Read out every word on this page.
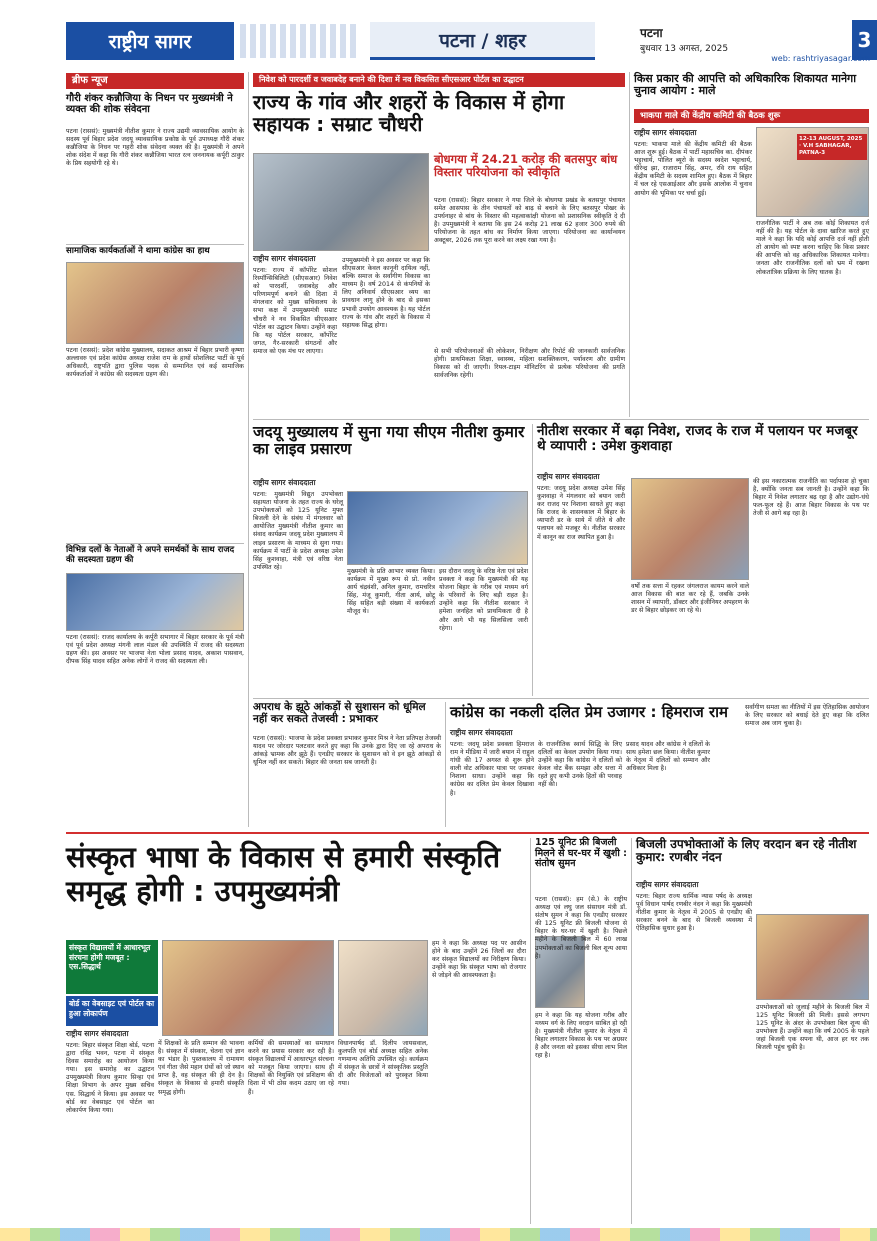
राष्ट्रीय सागर	पटना / शहर	पटना
बुधवार 13 अगस्त, 2025	3
web: rashtriyasagar.com
ब्रीफ न्यूज
गौरी शंकर कन्नौजिया के निधन पर मुख्यमंत्री ने व्यक्त की शोक संवेदना
पटना (राससं): मुख्यमंत्री नीतीश कुमार ने राज्य उद्यमी व्यावसायिक आयोग के सदस्य पूर्व बिहार प्रदेश जदयू व्यावसायिक प्रकोष्ठ के पूर्व उपाध्यक्ष गौरी शंकर कन्नौजिया के निधन पर गहरी शोक संवेदना व्यक्त की है। मुख्यमंत्री ने अपने शोक संदेश में कहा कि गौरी शंकर कन्नौजिया भारत रत्न जननायक कर्पूरी ठाकुर के प्रिय सहयोगी रहे थे।
सामाजिक कार्यकर्ताओं ने थामा कांग्रेस का हाथ
पटना (राससं): प्रदेश कांग्रेस मुख्यालय, सदाकत आश्रम में बिहार प्रभारी कृष्णा अल्लावरु एवं प्रदेश कांग्रेस अध्यक्ष राजेश राम के हाथों सोशलिस्ट पार्टी के पूर्व अधिकारी, राष्ट्रपति द्वारा पुलिस पदक से सम्मानित एवं कई सामाजिक कार्यकर्ताओं ने कांग्रेस की सदस्यता ग्रहण की।
विभिन्न दलों के नेताओं ने अपने समर्थकों के साथ राजद की सदस्यता ग्रहण की
पटना (राससं): राजद कार्यालय के कर्पूरी सभागार में बिहार सरकार के पूर्व मंत्री एवं पूर्व प्रदेश अध्यक्ष मंगनी लाल मंडल की उपस्थिति में राजद की सदस्यता ग्रहण की। इस अवसर पर भाजपा नेता भोला प्रसाद यादव, अकाश पासवान, दीपक सिंह यादव सहित अनेक लोगों ने राजद की सदस्यता ली।
निवेश को पारदर्शी व जवाबदेह बनाने की दिशा में नव विकसित सीएसआर पोर्टल का उद्घाटन
राज्य के गांव और शहरों के विकास में होगा सहायक : सम्राट चौधरी
राष्ट्रीय सागर संवाददाता
पटना: राज्य में कॉर्पोरेट सोशल रिस्पॉन्सिबिलिटी (सीएसआर) निवेश को पारदर्शी, जवाबदेह और परिणामपूर्ण बनाने की दिशा में मंगलवार को मुख्य सचिवालय के सभा कक्ष में उपमुख्यमंत्री सम्राट चौधरी ने नव विकसित सीएसआर पोर्टल का उद्घाटन किया। उन्होंने कहा कि यह पोर्टल सरकार, कॉर्पोरेट जगत, गैर-सरकारी संगठनों और समाज को एक मंच पर लाएगा।
उपमुख्यमंत्री ने इस अवसर पर कहा कि सीएसआर केवल कानूनी दायित्व नहीं, बल्कि समाज के सर्वांगीण विकास का माध्यम है। वर्ष 2014 से कंपनियों के लिए अनिवार्य सीएसआर व्यय का प्रावधान लागू होने के बाद से इसका प्रभावी उपयोग आवश्यक है। यह पोर्टल राज्य के गांव और शहरों के विकास में सहायक सिद्ध होगा।
बोधगया में 24.21 करोड़ की बतसपुर बांध विस्तार परियोजना को स्वीकृति
पटना (राससं): बिहार सरकार ने गया जिले के बोधगया प्रखंड के बतसपुर पंचायत समेत आसपास के तीन पंचायतों को बाढ़ से बचाने के लिए बतसपुर पोखर के उपर्धनाहर से बांध के विस्तार की महत्वाकांक्षी योजना को प्रशासनिक स्वीकृति दे दी है। उपमुख्यमंत्री ने बताया कि इस 24 करोड़ 21 लाख 62 हजार 300 रुपये की परियोजना के तहत बांध का निर्माण किया जाएगा। परियोजना का कार्यान्वयन अक्टूबर, 2026 तक पूरा करने का लक्ष्य रखा गया है।
से सभी परियोजनाओं की लोकेशन, निरीक्षण और रिपोर्ट की जानकारी सार्वजनिक होगी। प्राथमिकता शिक्षा, स्वास्थ्य, महिला सशक्तिकरण, पर्यावरण और ग्रामीण विकास को दी जाएगी। रियल-टाइम मॉनिटरिंग से प्रत्येक परियोजना की प्रगति सार्वजनिक रहेगी।
किस प्रकार की आपत्ति को अधिकारिक शिकायत मानेगा चुनाव आयोग : माले
भाकपा माले की केंद्रीय कमिटी की बैठक शुरू
राष्ट्रीय सागर संवाददाता
पटना: भाकपा माले की केंद्रीय कमिटी की बैठक आज शुरू हुई। बैठक में पार्टी महासचिव का. दीपंकर भट्टाचार्य, पोलित ब्यूरो के सदस्य स्वदेश भट्टाचार्य, धीरेन्द्र झा, राजाराम सिंह, अमर, रवि राय सहित केंद्रीय कमिटी के सदस्य शामिल हुए। बैठक में बिहार में चल रहे एसआईआर और इसके आलोक में चुनाव आयोग की भूमिका पर चर्चा हुई।
12-13 AUGUST, 2025 · V.H SABHAGAR, PATNA-3
राजनीतिक पार्टी ने अब तक कोई शिकायत दर्ज नहीं की है। यह पोर्टल के दावा खारिज करते हुए माले ने कहा कि यदि कोई आपत्ति दर्ज नहीं होती तो आयोग को स्पष्ट करना चाहिए कि किस प्रकार की आपत्ति को वह अधिकारिक शिकायत मानेगा। जनता और राजनीतिक दलों को भ्रम में रखना लोकतांत्रिक प्रक्रिया के लिए घातक है।
जदयू मुख्यालय में सुना गया सीएम नीतीश कुमार का लाइव प्रसारण
राष्ट्रीय सागर संवाददाता
पटना: मुख्यमंत्री विद्युत उपभोक्ता सहायता योजना के तहत राज्य के घरेलू उपभोक्ताओं को 125 यूनिट मुफ्त बिजली देने के संबंध में मंगलवार को आयोजित मुख्यमंत्री नीतीश कुमार का संवाद कार्यक्रम जदयू प्रदेश मुख्यालय में लाइव प्रसारण के माध्यम से सुना गया। कार्यक्रम में पार्टी के प्रदेश अध्यक्ष उमेश सिंह कुशवाहा, मंत्री एवं वरिष्ठ नेता उपस्थित रहे।
मुख्यमंत्री के प्रति आभार व्यक्त किया। कार्यक्रम में मुख्य रूप से प्रो. नवीन आर्य चंद्रवंशी, अनिल कुमार, रामचरित्र सिंह, मंजू कुमारी, गीता आर्य, छोटू सिंह सहित बड़ी संख्या में कार्यकर्ता मौजूद थे।
इस दौरान जदयू के वरिष्ठ नेता एवं प्रदेश प्रवक्ता ने कहा कि मुख्यमंत्री की यह योजना बिहार के गरीब एवं मध्यम वर्ग के परिवारों के लिए बड़ी राहत है। उन्होंने कहा कि नीतीश सरकार ने हमेशा जनहित को प्राथमिकता दी है और आगे भी यह सिलसिला जारी रहेगा।
नीतीश सरकार में बढ़ा निवेश, राजद के राज में पलायन पर मजबूर थे व्यापारी : उमेश कुशवाहा
राष्ट्रीय सागर संवाददाता
पटना: जदयू प्रदेश अध्यक्ष उमेश सिंह कुशवाहा ने मंगलवार को बयान जारी कर राजद पर निशाना साधते हुए कहा कि राजद के शासनकाल में बिहार के व्यापारी डर के साये में जीते थे और पलायन को मजबूर थे। नीतीश सरकार में कानून का राज स्थापित हुआ है।
वर्षों तक सत्ता में रहकर जंगलराज कायम करने वाले आज विकास की बात कर रहे हैं, जबकि उनके शासन में व्यापारी, डॉक्टर और इंजीनियर अपहरण के डर से बिहार छोड़कर जा रहे थे।
की इस नकारात्मक राजनीति का पर्दाफाश हो चुका है, क्योंकि जनता सब जानती है। उन्होंने कहा कि बिहार में निवेश लगातार बढ़ रहा है और उद्योग-धंधे फल-फूल रहे हैं। आज बिहार विकास के पथ पर तेजी से आगे बढ़ रहा है।
अपराध के झूठे आंकड़ों से सुशासन को धूमिल नहीं कर सकते तेजस्वी : प्रभाकर
पटना (राससं): भाजपा के प्रदेश प्रवक्ता प्रभाकर कुमार मिश्र ने नेता प्रतिपक्ष तेजस्वी यादव पर जोरदार पलटवार करते हुए कहा कि उनके द्वारा दिए जा रहे अपराध के आंकड़े भ्रामक और झूठे हैं। एनडीए सरकार के सुशासन को वे इन झूठे आंकड़ों से धूमिल नहीं कर सकते। बिहार की जनता सब जानती है।
कांग्रेस का नकली दलित प्रेम उजागर : हिमराज राम
राष्ट्रीय सागर संवाददाता
पटना: जदयू प्रदेश प्रवक्ता हिमराज राम ने मीडिया में जारी बयान में राहुल गांधी की 17 अगस्त से शुरू होने वाली वोट अधिकार यात्रा पर जमकर निशाना साधा। उन्होंने कहा कि कांग्रेस का दलित प्रेम केवल दिखावा है।
के राजनीतिक स्वार्थ सिद्धि के लिए दलितों का केवल उपयोग किया गया। उन्होंने कहा कि कांग्रेस ने दलितों को केवल वोट बैंक समझा और सत्ता में रहते हुए कभी उनके हितों की परवाह नहीं की।
प्रसाद यादव और कांग्रेस ने दलितों के साथ हमेशा छल किया। नीतीश कुमार के नेतृत्व में दलितों को सम्मान और अधिकार मिला है।
सर्वांगीण समता का नीतियों में इस ऐतिहासिक आयोजन के लिए सरकार को बधाई देते हुए कहा कि दलित समाज अब जाग चुका है।
संस्कृत भाषा के विकास से हमारी संस्कृति समृद्ध होगी : उपमुख्यमंत्री
संस्कृत विद्यालयों में आधारभूत संरचना होगी मजबूत : एस.सिद्धार्थ
बोर्ड का वेबसाइट एवं पोर्टल का हुआ लोकार्पण
राष्ट्रीय सागर संवाददाता
पटना: बिहार संस्कृत शिक्षा बोर्ड, पटना द्वारा रविंद्र भवन, पटना में संस्कृत दिवस समारोह का आयोजन किया गया। इस समारोह का उद्घाटन उपमुख्यमंत्री विजय कुमार सिन्हा एवं शिक्षा विभाग के अपर मुख्य सचिव एस. सिद्धार्थ ने किया। इस अवसर पर बोर्ड का वेबसाइट एवं पोर्टल का लोकार्पण किया गया।
में शिक्षकों के प्रति सम्मान की भावना है। संस्कृत में संस्कार, चेतना एवं ज्ञान का भंडार है। पुस्तकालय में रामायण एवं गीता जैसे महान ग्रंथों को जो स्थान प्राप्त है, वह संस्कृत की ही देन है। संस्कृत के विकास से हमारी संस्कृति समृद्ध होगी।
कर्मियों की समस्याओं का समाधान करने का प्रयास सरकार कर रही है। संस्कृत विद्यालयों में आधारभूत संरचना को मजबूत किया जाएगा। साथ ही शिक्षकों की नियुक्ति एवं प्रशिक्षण की दिशा में भी ठोस कदम उठाए जा रहे हैं।
विधानपार्षद डॉ. दिलीप जायसवाल, कुलपति एवं बोर्ड अध्यक्ष सहित अनेक गणमान्य अतिथि उपस्थित रहे। कार्यक्रम में संस्कृत के छात्रों ने सांस्कृतिक प्रस्तुति दी और विजेताओं को पुरस्कृत किया गया।
हम ने कहा कि अध्यक्ष पद पर आसीन होने के बाद उन्होंने 26 जिलों का दौरा कर संस्कृत विद्यालयों का निरीक्षण किया। उन्होंने कहा कि संस्कृत भाषा को रोजगार से जोड़ने की आवश्यकता है।
125 यूनिट फ्री बिजली मिलने से घर-घर में खुशी : संतोष सुमन
पटना (राससं): हम (से.) के राष्ट्रीय अध्यक्ष एवं लघु जल संसाधन मंत्री डॉ. संतोष सुमन ने कहा कि एनडीए सरकार की 125 यूनिट फ्री बिजली योजना से बिहार के घर-घर में खुशी है। पिछले महीने के बिजली बिल में 60 लाख उपभोक्ताओं का बिजली बिल शून्य आया है।
हम ने कहा कि यह योजना गरीब और मध्यम वर्ग के लिए वरदान साबित हो रही है। मुख्यमंत्री नीतीश कुमार के नेतृत्व में बिहार लगातार विकास के पथ पर अग्रसर है और जनता को इसका सीधा लाभ मिल रहा है।
बिजली उपभोक्ताओं के लिए वरदान बन रहे नीतीश कुमार: रणबीर नंदन
राष्ट्रीय सागर संवाददाता
पटना: बिहार राज्य धार्मिक न्यास पर्षद के अध्यक्ष पूर्व विधान पार्षद रणबीर नंदन ने कहा कि मुख्यमंत्री नीतीश कुमार के नेतृत्व में 2005 से एनडीए की सरकार बनने के बाद से बिजली व्यवस्था में ऐतिहासिक सुधार हुआ है।
उपभोक्ताओं को जुलाई महीने के बिजली बिल में 125 यूनिट बिजली फ्री मिली। इससे लगभग 125 यूनिट के अंदर के उपभोक्ता बिल शून्य की उपभोक्ता हैं। उन्होंने कहा कि वर्ष 2005 के पहले जहां बिजली एक सपना थी, आज हर घर तक बिजली पहुंच चुकी है।
